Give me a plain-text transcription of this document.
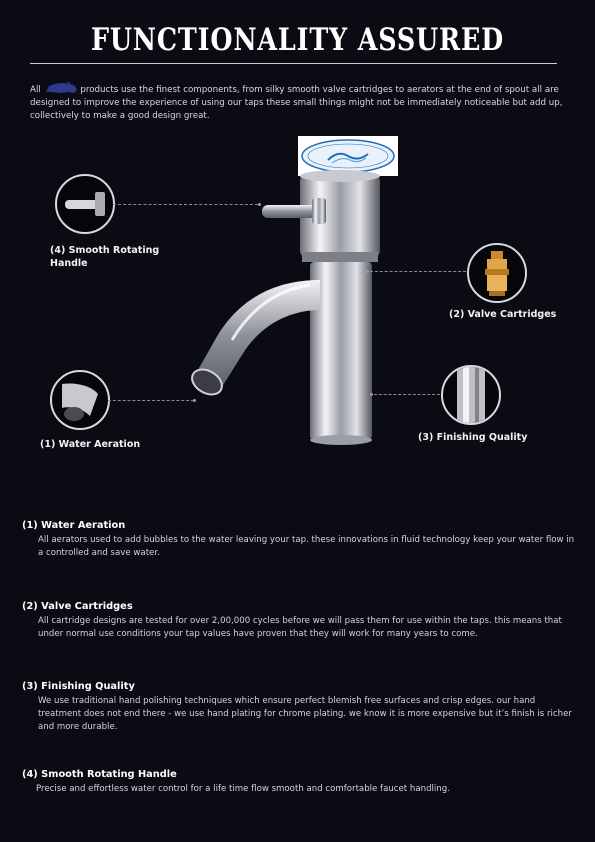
FUNCTIONALITY ASSURED
All	products use the finest components, from silky smooth valve cartridges to aerators at the end of spout all are designed to improve the experience of using our taps these small things might not be immediately noticeable but add up, collectively to make a good design great.
(4) Smooth Rotating Handle
(2) Valve Cartridges
(1) Water Aeration
(3) Finishing Quality
(1) Water Aeration
All aerators used to add bubbles to the water leaving your tap. these innovations in fluid technology keep your water flow in a controlled and save water.
(2) Valve Cartridges
All cartridge designs are tested for over 2,00,000 cycles before we will pass them for use within the taps. this means that under normal use conditions your tap values have proven that they will work for many years to come.
(3) Finishing Quality
We use traditional hand polishing techniques which ensure perfect blemish free surfaces and crisp edges. our hand treatment does not end there - we use hand plating for chrome plating. we know it is more expensive but it’s finish is richer and more durable.
(4) Smooth Rotating Handle
Precise and effortless water control for a life time flow smooth and comfortable faucet handling.
